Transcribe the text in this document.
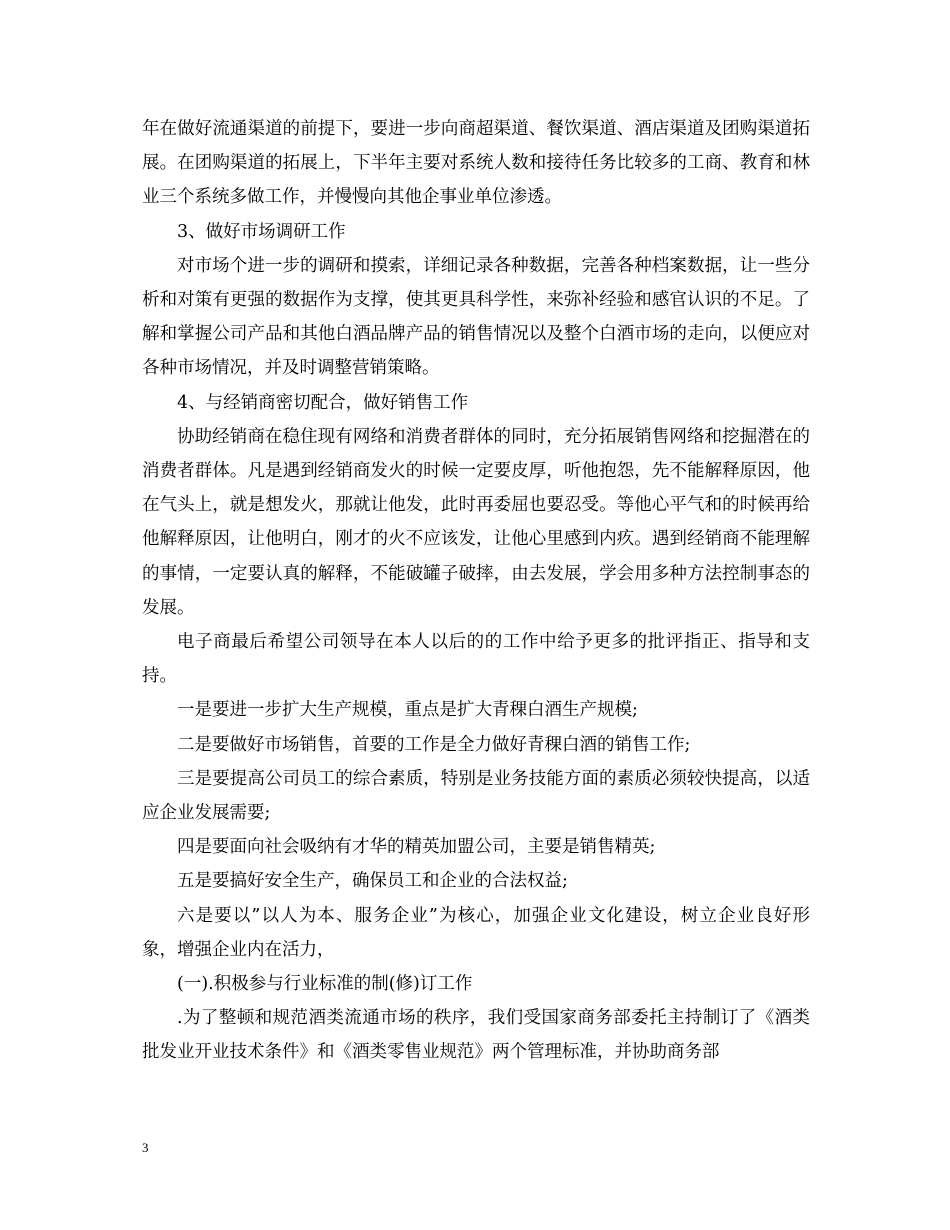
年在做好流通渠道的前提下，要进一步向商超渠道、餐饮渠道、酒店渠道及团购渠道拓展。在团购渠道的拓展上，下半年主要对系统人数和接待任务比较多的工商、教育和林业三个系统多做工作，并慢慢向其他企事业单位渗透。

3、做好市场调研工作

对市场个进一步的调研和摸索，详细记录各种数据，完善各种档案数据，让一些分析和对策有更强的数据作为支撑，使其更具科学性，来弥补经验和感官认识的不足。了解和掌握公司产品和其他白酒品牌产品的销售情况以及整个白酒市场的走向，以便应对各种市场情况，并及时调整营销策略。

4、与经销商密切配合，做好销售工作

协助经销商在稳住现有网络和消费者群体的同时，充分拓展销售网络和挖掘潜在的消费者群体。凡是遇到经销商发火的时候一定要皮厚，听他抱怨，先不能解释原因，他在气头上，就是想发火，那就让他发，此时再委屈也要忍受。等他心平气和的时候再给他解释原因，让他明白，刚才的火不应该发，让他心里感到内疚。遇到经销商不能理解的事情，一定要认真的解释，不能破罐子破摔，由去发展，学会用多种方法控制事态的发展。

电子商最后希望公司领导在本人以后的的工作中给予更多的批评指正、指导和支持。

一是要进一步扩大生产规模，重点是扩大青稞白酒生产规模;

二是要做好市场销售，首要的工作是全力做好青稞白酒的销售工作;

三是要提高公司员工的综合素质，特别是业务技能方面的素质必须较快提高，以适应企业发展需要;

四是要面向社会吸纳有才华的精英加盟公司，主要是销售精英;

五是要搞好安全生产，确保员工和企业的合法权益;

六是要以”以人为本、服务企业”为核心，加强企业文化建设，树立企业良好形 象，增强企业内在活力，

(一).积极参与行业标准的制(修)订工作

.为了整顿和规范酒类流通市场的秩序，我们受国家商务部委托主持制订了《酒类批发业开业技术条件》和《酒类零售业规范》两个管理标准，并协助商务部

3
